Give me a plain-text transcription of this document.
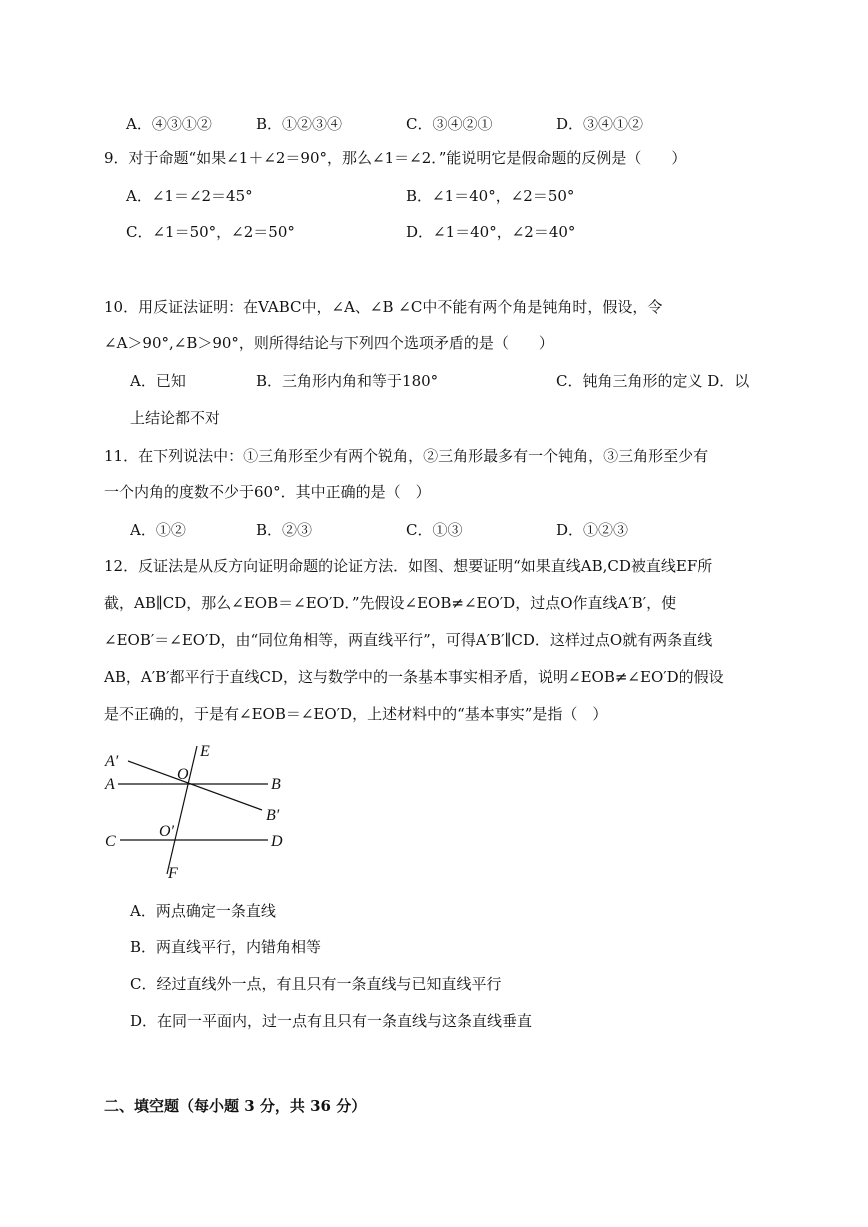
A．④③①②	B．①②③④	C．③④②①	D．③④①②
9．对于命题“如果∠1＋∠2＝90°，那么∠1＝∠2．”能说明它是假命题的反例是（　　）
A．∠1＝∠2＝45°	B．∠1＝40°，∠2＝50°
C．∠1＝50°，∠2＝50°	D．∠1＝40°，∠2＝40°
10．用反证法证明：在VABC中，∠A、∠B ∠C中不能有两个角是钝角时，假设，令
∠A＞90°,∠B＞90°，则所得结论与下列四个选项矛盾的是（　　）
A．已知	B．三角形内角和等于180°	C．钝角三角形的定义 D．以
上结论都不对
11．在下列说法中：①三角形至少有两个锐角，②三角形最多有一个钝角，③三角形至少有
一个内角的度数不少于60°．其中正确的是（　）
A．①②	B．②③	C．①③	D．①②③
12．反证法是从反方向证明命题的论证方法．如图、想要证明“如果直线AB,CD被直线EF所
截，AB∥CD，那么∠EOB＝∠EO′D．”先假设∠EOB≠∠EO′D，过点O作直线A′B′，使
∠EOB′＝∠EO′D，由“同位角相等，两直线平行”，可得A′B′∥CD．这样过点O就有两条直线
AB，A′B′都平行于直线CD，这与数学中的一条基本事实相矛盾，说明∠EOB≠∠EO′D的假设
是不正确的，于是有∠EOB＝∠EO′D，上述材料中的“基本事实”是指（　）
A′
A
O
E
B
B′
O′
C	D
F
A．两点确定一条直线
B．两直线平行，内错角相等
C．经过直线外一点，有且只有一条直线与已知直线平行
D．在同一平面内，过一点有且只有一条直线与这条直线垂直
二、填空题（每小题 3 分，共 36 分）
